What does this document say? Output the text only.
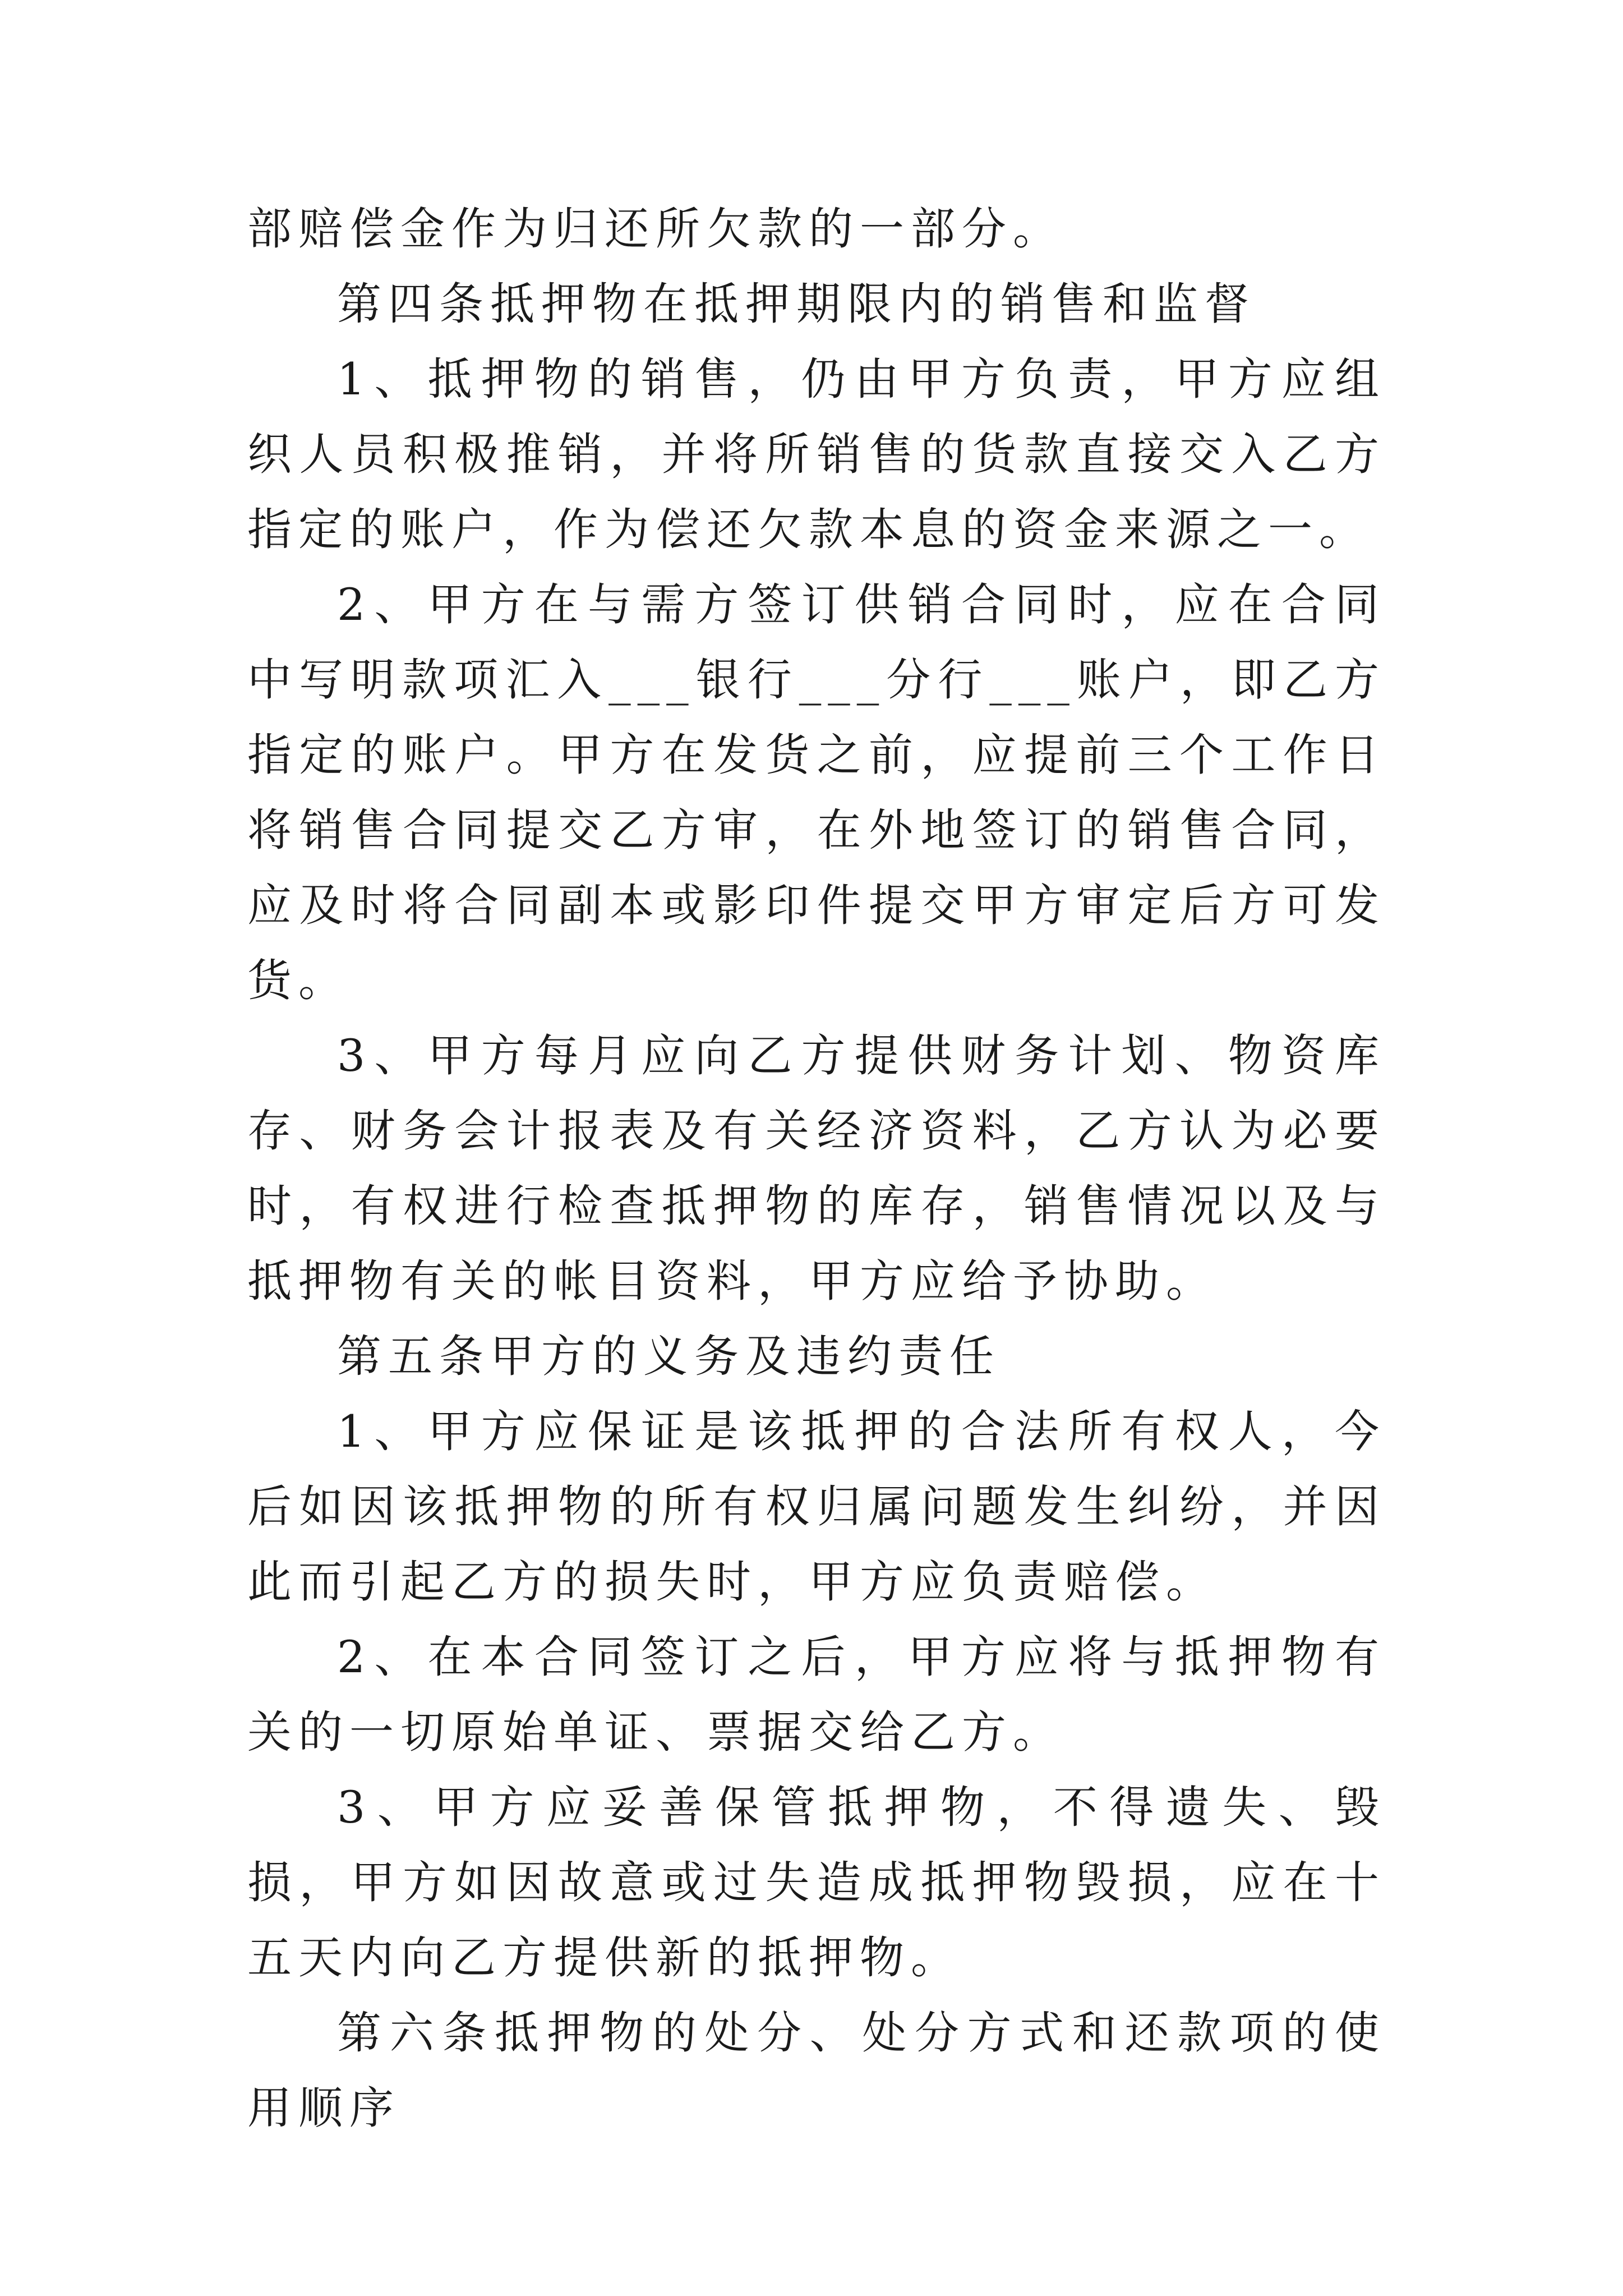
部赔偿金作为归还所欠款的一部分。

第四条抵押物在抵押期限内的销售和监督

1、抵押物的销售，仍由甲方负责，甲方应组织人员积极推销，并将所销售的货款直接交入乙方指定的账户，作为偿还欠款本息的资金来源之一。

2、甲方在与需方签订供销合同时，应在合同中写明款项汇入___银行___分行___账户，即乙方指定的账户。甲方在发货之前，应提前三个工作日将销售合同提交乙方审，在外地签订的销售合同，应及时将合同副本或影印件提交甲方审定后方可发货。

3、甲方每月应向乙方提供财务计划、物资库存、财务会计报表及有关经济资料，乙方认为必要时，有权进行检查抵押物的库存，销售情况以及与抵押物有关的帐目资料，甲方应给予协助。

第五条甲方的义务及违约责任

1、甲方应保证是该抵押的合法所有权人，今后如因该抵押物的所有权归属问题发生纠纷，并因此而引起乙方的损失时，甲方应负责赔偿。

2、在本合同签订之后，甲方应将与抵押物有关的一切原始单证、票据交给乙方。

3、甲方应妥善保管抵押物，不得遗失、毁损，甲方如因故意或过失造成抵押物毁损，应在十五天内向乙方提供新的抵押物。

第六条抵押物的处分、处分方式和还款项的使用顺序
